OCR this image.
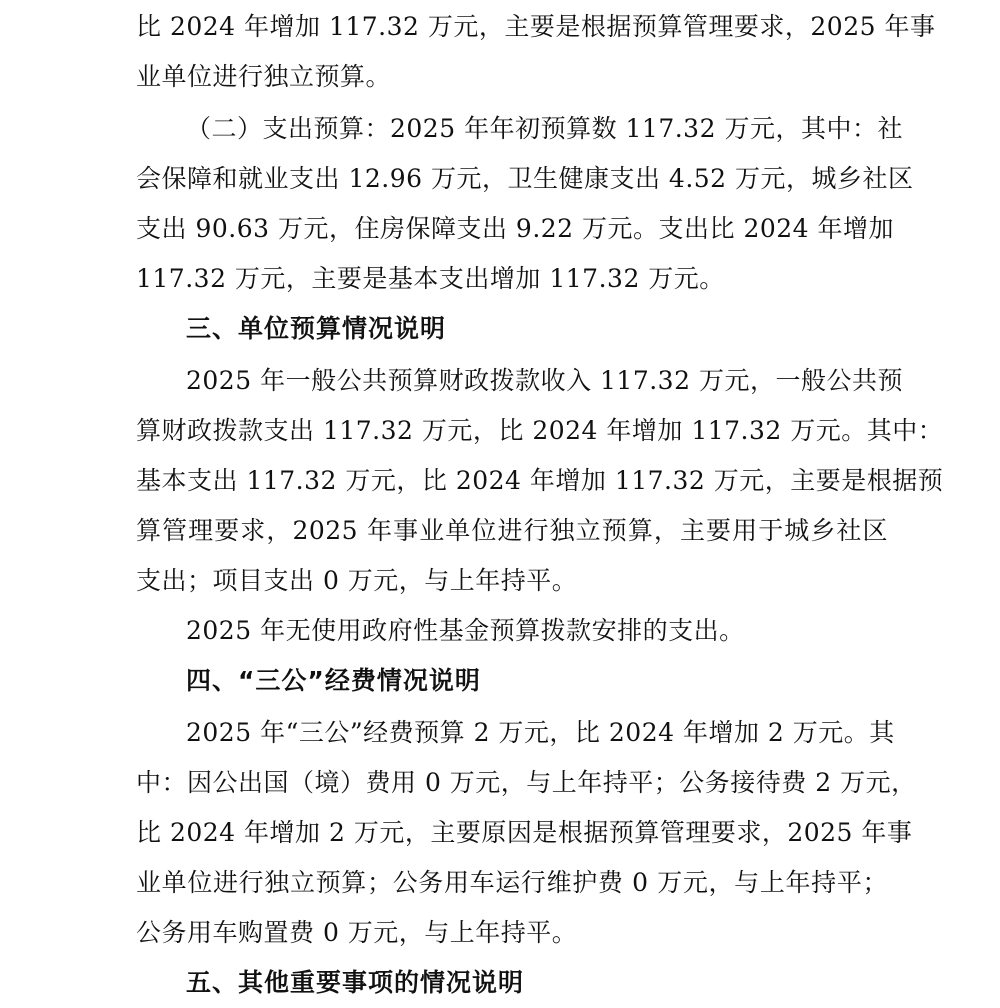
比 2024 年增加 117.32 万元，主要是根据预算管理要求，2025 年事
业单位进行独立预算。
（二）支出预算：2025 年年初预算数 117.32 万元，其中：社
会保障和就业支出 12.96 万元，卫生健康支出 4.52 万元，城乡社区
支出 90.63 万元，住房保障支出 9.22 万元。支出比 2024 年增加
117.32 万元，主要是基本支出增加 117.32 万元。
三、单位预算情况说明
2025 年一般公共预算财政拨款收入 117.32 万元，一般公共预
算财政拨款支出 117.32 万元，比 2024 年增加 117.32 万元。其中：
基本支出 117.32 万元，比 2024 年增加 117.32 万元，主要是根据预
算管理要求，2025 年事业单位进行独立预算，主要用于城乡社区
支出；项目支出 0 万元，与上年持平。
2025 年无使用政府性基金预算拨款安排的支出。
四、“三公”经费情况说明
2025 年“三公”经费预算 2 万元，比 2024 年增加 2 万元。其
中：因公出国（境）费用 0 万元，与上年持平；公务接待费 2 万元，
比 2024 年增加 2 万元，主要原因是根据预算管理要求，2025 年事
业单位进行独立预算；公务用车运行维护费 0 万元，与上年持平；
公务用车购置费 0 万元，与上年持平。
五、其他重要事项的情况说明
